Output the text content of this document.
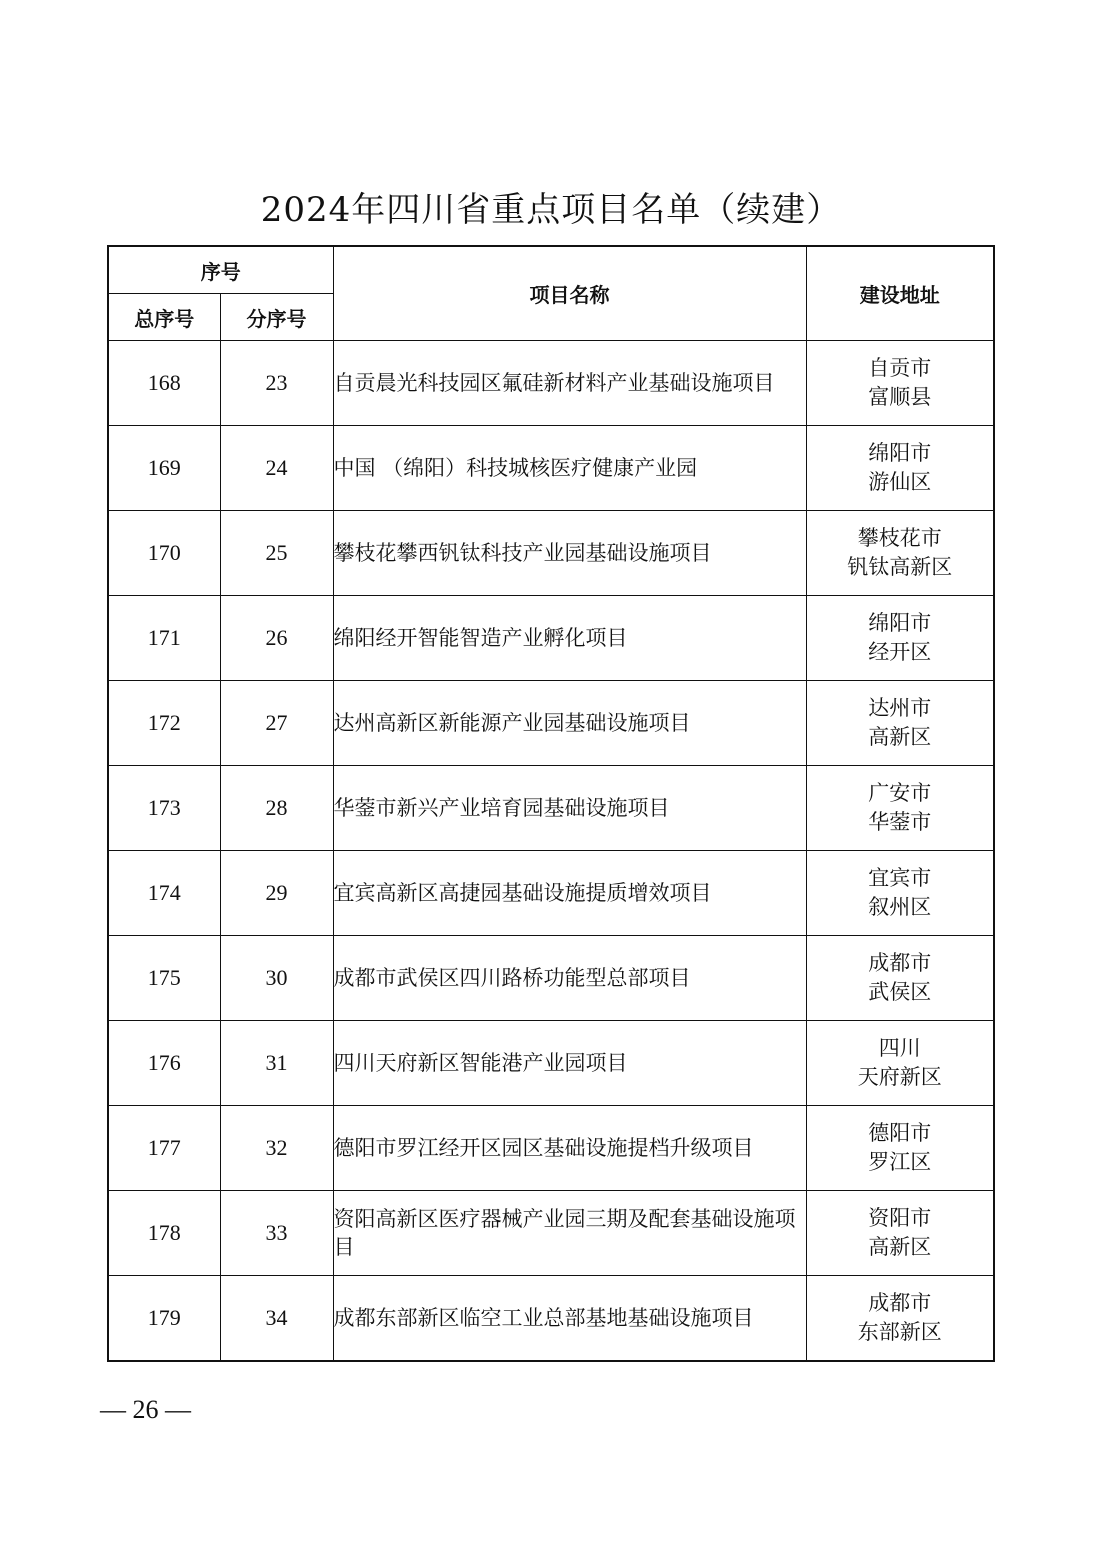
2024年四川省重点项目名单（续建）
序号		项目名称	建设地址
总序号	分序号		
168	23	自贡晨光科技园区氟硅新材料产业基础设施项目	自贡市
富顺县

169	24	中国 （绵阳）科技城核医疗健康产业园	绵阳市
游仙区

170	25	攀枝花攀西钒钛科技产业园基础设施项目	攀枝花市
钒钛高新区

171	26	绵阳经开智能智造产业孵化项目	绵阳市
经开区

172	27	达州高新区新能源产业园基础设施项目	达州市
高新区

173	28	华蓥市新兴产业培育园基础设施项目	广安市
华蓥市

174	29	宜宾高新区高捷园基础设施提质增效项目	宜宾市
叙州区

175	30	成都市武侯区四川路桥功能型总部项目	成都市
武侯区

176	31	四川天府新区智能港产业园项目	四川
天府新区

177	32	德阳市罗江经开区园区基础设施提档升级项目	德阳市
罗江区

178	33	资阳高新区医疗器械产业园三期及配套基础设施项目	资阳市
高新区

179	34	成都东部新区临空工业总部基地基础设施项目	成都市
东部新区
— 26 —
